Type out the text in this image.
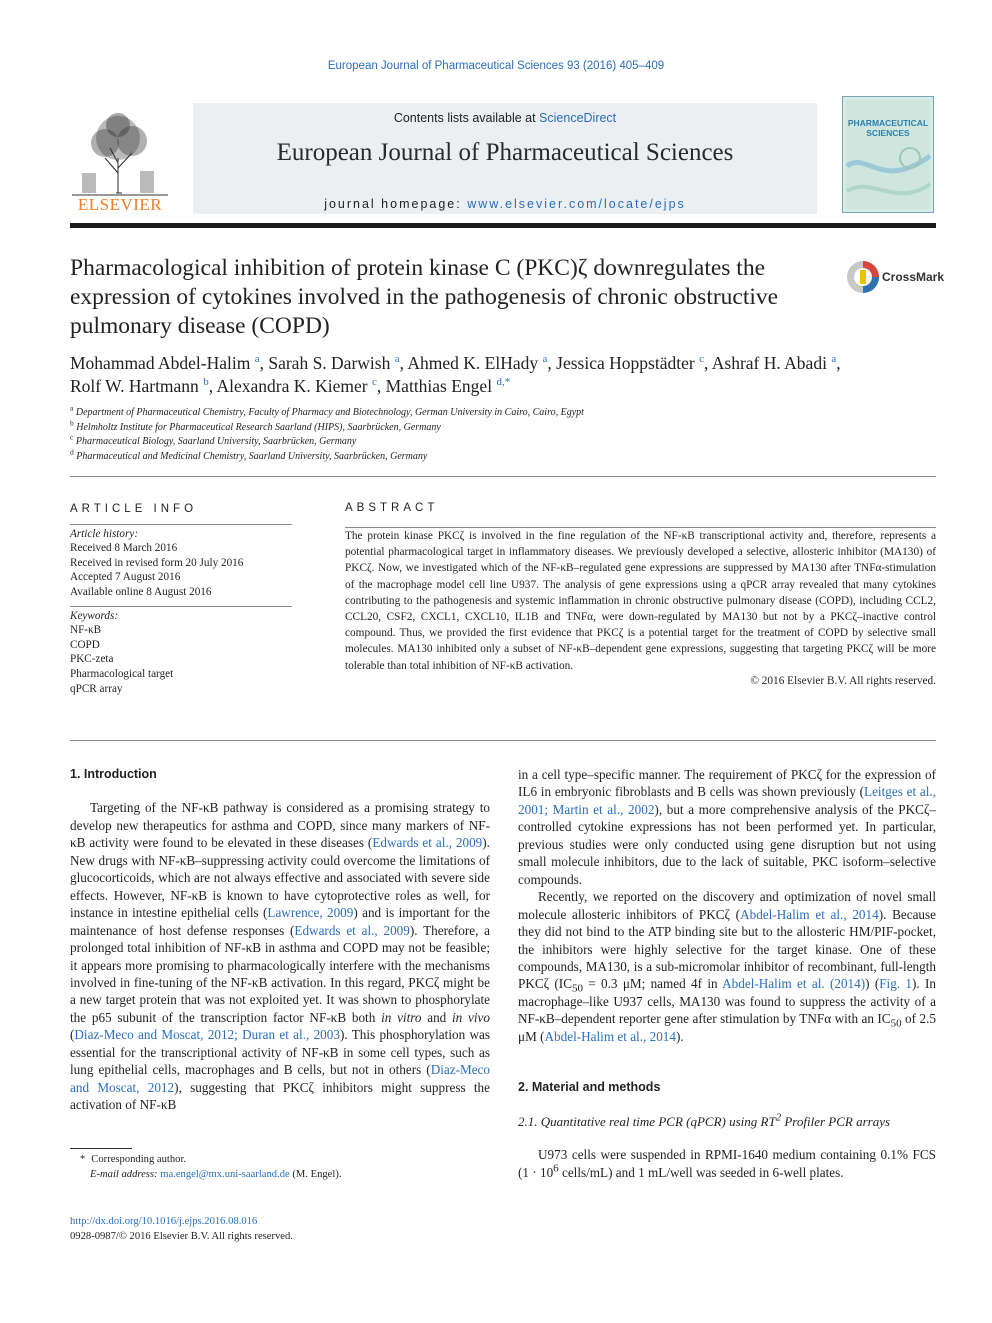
European Journal of Pharmaceutical Sciences 93 (2016) 405–409
ELSEVIER
Contents lists available at ScienceDirect
European Journal of Pharmaceutical Sciences
journal homepage: www.elsevier.com/locate/ejps
PHARMACEUTICAL
SCIENCES
Pharmacological inhibition of protein kinase C (PKC)ζ downregulates the expression of cytokines involved in the pathogenesis of chronic obstructive pulmonary disease (COPD)
CrossMark
Mohammad Abdel-Halim $^a$, Sarah S. Darwish $^a$, Ahmed K. ElHady $^a$, Jessica Hoppstädter $^c$, Ashraf H. Abadi $^a$,
Rolf W. Hartmann $^b$, Alexandra K. Kiemer $^c$, Matthias Engel $^{d,*}$
$^a$ Department of Pharmaceutical Chemistry, Faculty of Pharmacy and Biotechnology, German University in Cairo, Cairo, Egypt
$^b$ Helmholtz Institute for Pharmaceutical Research Saarland (HIPS), Saarbrücken, Germany
$^c$ Pharmaceutical Biology, Saarland University, Saarbrücken, Germany
$^d$ Pharmaceutical and Medicinal Chemistry, Saarland University, Saarbrücken, Germany
ARTICLE INFO
Article history:
Received 8 March 2016
Received in revised form 20 July 2016
Accepted 7 August 2016
Available online 8 August 2016
Keywords:
NF-κB
COPD
PKC-zeta
Pharmacological target
qPCR array
ABSTRACT
The protein kinase PKCζ is involved in the fine regulation of the NF-κB transcriptional activity and, therefore, represents a potential pharmacological target in inflammatory diseases. We previously developed a selective, allosteric inhibitor (MA130) of PKCζ. Now, we investigated which of the NF-κB–regulated gene expressions are suppressed by MA130 after TNFα-stimulation of the macrophage model cell line U937. The analysis of gene expressions using a qPCR array revealed that many cytokines contributing to the pathogenesis and systemic inflammation in chronic obstructive pulmonary disease (COPD), including CCL2, CCL20, CSF2, CXCL1, CXCL10, IL1B and TNFα, were down-regulated by MA130 but not by a PKCζ–inactive control compound. Thus, we provided the first evidence that PKCζ is a potential target for the treatment of COPD by selective small molecules. MA130 inhibited only a subset of NF-κB–dependent gene expressions, suggesting that targeting PKCζ will be more tolerable than total inhibition of NF-κB activation.
© 2016 Elsevier B.V. All rights reserved.
1. Introduction

Targeting of the NF-κB pathway is considered as a promising strategy to develop new therapeutics for asthma and COPD, since many markers of NF-κB activity were found to be elevated in these diseases (Edwards et al., 2009). New drugs with NF-κB–suppressing activity could overcome the limitations of glucocorticoids, which are not always effective and associated with severe side effects. However, NF-κB is known to have cytoprotective roles as well, for instance in intestine epithelial cells (Lawrence, 2009) and is important for the maintenance of host defense responses (Edwards et al., 2009). Therefore, a prolonged total inhibition of NF-κB in asthma and COPD may not be feasible; it appears more promising to pharmacologically interfere with the mechanisms involved in fine-tuning of the NF-κB activation. In this regard, PKCζ might be a new target protein that was not exploited yet. It was shown to phosphorylate the p65 subunit of the transcription factor NF-κB both in vitro and in vivo (Diaz-Meco and Moscat, 2012; Duran et al., 2003). This phosphorylation was essential for the transcriptional activity of NF-κB in some cell types, such as lung epithelial cells, macrophages and B cells, but not in others (Diaz-Meco and Moscat, 2012), suggesting that PKCζ inhibitors might suppress the activation of NF-κB

in a cell type–specific manner. The requirement of PKCζ for the expression of IL6 in embryonic fibroblasts and B cells was shown previously (Leitges et al., 2001; Martin et al., 2002), but a more comprehensive analysis of the PKCζ–controlled cytokine expressions has not been performed yet. In particular, previous studies were only conducted using gene disruption but not using small molecule inhibitors, due to the lack of suitable, PKC isoform–selective compounds.

Recently, we reported on the discovery and optimization of novel small molecule allosteric inhibitors of PKCζ (Abdel-Halim et al., 2014). Because they did not bind to the ATP binding site but to the allosteric HM/PIF-pocket, the inhibitors were highly selective for the target kinase. One of these compounds, MA130, is a sub-micromolar inhibitor of recombinant, full-length PKCζ ($IC_{50} = 0.3$ μM; named 4f in Abdel-Halim et al. (2014)) (Fig. 1). In macrophage–like U937 cells, MA130 was found to suppress the activity of a NF-κB–dependent reporter gene after stimulation by TNFα with an $IC_{50}$ of 2.5 μM (Abdel-Halim et al., 2014).

2. Material and methods
2.1. Quantitative real time PCR (qPCR) using $RT^2$ Profiler PCR arrays

U973 cells were suspended in RPMI-1640 medium containing 0.1% FCS ($1 \cdot 10^6$ cells/mL) and 1 mL/well was seeded in 6-well plates.

* Corresponding author.
E-mail address: ma.engel@mx.uni-saarland.de (M. Engel).
http://dx.doi.org/10.1016/j.ejps.2016.08.016
0928-0987/© 2016 Elsevier B.V. All rights reserved.
